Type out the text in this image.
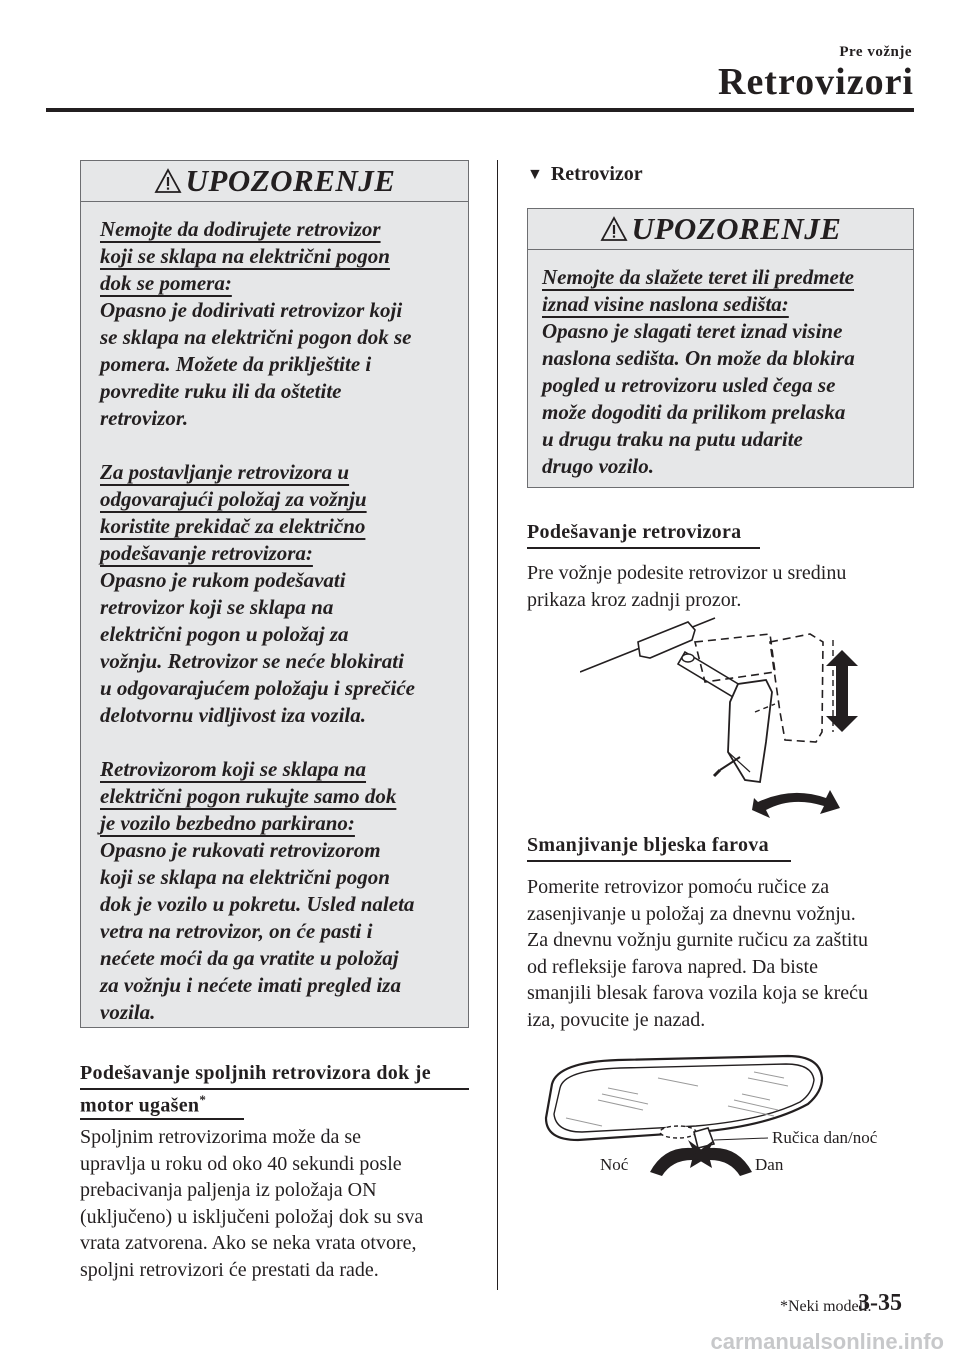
Pre vožnje
Retrovizori
UPOZORENJE

Nemojte da dodirujete retrovizor

koji se sklapa na električni pogon

dok se pomera:

Opasno je dodirivati retrovizor koji

se sklapa na električni pogon dok se

pomera. Možete da priklještite i

povredite ruku ili da oštetite

retrovizor.

Za postavljanje retrovizora u

odgovarajući položaj za vožnju

koristite prekidač za električno

podešavanje retrovizora:

Opasno je rukom podešavati

retrovizor koji se sklapa na

električni pogon u položaj za

vožnju. Retrovizor se neće blokirati

u odgovarajućem položaju i sprečiće

delotvornu vidljivost iza vozila.

Retrovizorom koji se sklapa na

električni pogon rukujte samo dok

je vozilo bezbedno parkirano:

Opasno je rukovati retrovizorom

koji se sklapa na električni pogon

dok je vozilo u pokretu. Usled naleta

vetra na retrovizor, on će pasti i

nećete moći da ga vratite u položaj

za vožnju i nećete imati pregled iza

vozila.

Podešavanje spoljnih retrovizora dok je
motor ugašen*
Spoljnim retrovizorima može da se
upravlja u roku od oko 40 sekundi posle
prebacivanja paljenja iz položaja ON
(uključeno) u isključeni položaj dok su sva
vrata zatvorena. Ako se neka vrata otvore,
spoljni retrovizori će prestati da rade.
▼ Retrovizor
UPOZORENJE

Nemojte da slažete teret ili predmete

iznad visine naslona sedišta:

Opasno je slagati teret iznad visine

naslona sedišta. On može da blokira

pogled u retrovizoru usled čega se

može dogoditi da prilikom prelaska

u drugu traku na putu udarite

drugo vozilo.

Podešavanje retrovizora
Pre vožnje podesite retrovizor u sredinu
prikaza kroz zadnji prozor.
Smanjivanje bljeska farova
Pomerite retrovizor pomoću ručice za
zasenjivanje u položaj za dnevnu vožnju.
Za dnevnu vožnju gurnite ručicu za zaštitu
od refleksije farova napred. Da biste
smanjili blesak farova vozila koja se kreću
iza, povucite je nazad.
Ručica dan/noć
Noć	Dan
*Neki modeli.
3-35
carmanualsonline.info
